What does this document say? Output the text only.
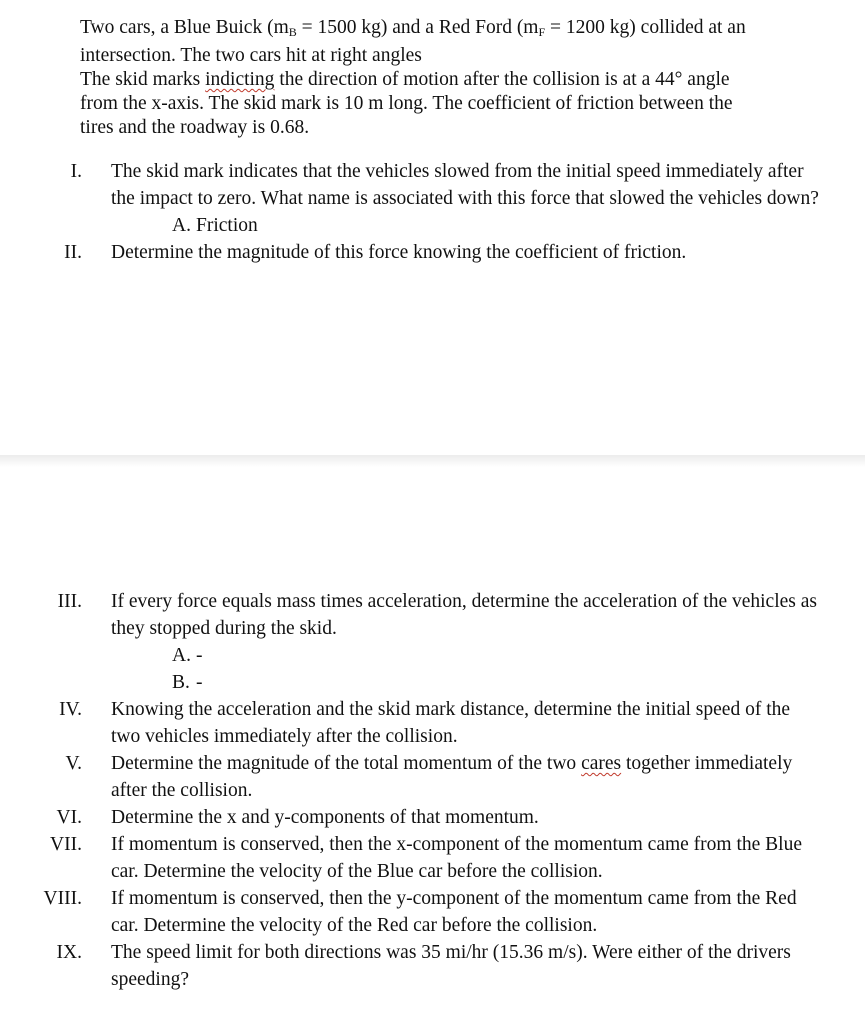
Two cars, a Blue Buick ($m_B = 1500$ kg) and a Red Ford ($m_F = 1200$ kg) collided at an

intersection. The two cars hit at right angles

The skid marks indicting the direction of motion after the collision is at a 44° angle

from the x-axis. The skid mark is 10 m long. The coefficient of friction between the

tires and the roadway is 0.68.

I. The skid mark indicates that the vehicles slowed from the initial speed immediately after the impact to zero. What name is associated with this force that slowed the vehicles down?
A. Friction
II. Determine the magnitude of this force knowing the coefficient of friction.
III. If every force equals mass times acceleration, determine the acceleration of the vehicles as they stopped during the skid.
A. -
B. -
IV. Knowing the acceleration and the skid mark distance, determine the initial speed of the two vehicles immediately after the collision.
V. Determine the magnitude of the total momentum of the two cares together immediately after the collision.
VI. Determine the x and y-components of that momentum.
VII. If momentum is conserved, then the x-component of the momentum came from the Blue car. Determine the velocity of the Blue car before the collision.
VIII. If momentum is conserved, then the y-component of the momentum came from the Red car. Determine the velocity of the Red car before the collision.
IX. The speed limit for both directions was 35 mi/hr (15.36 m/s). Were either of the drivers speeding?
